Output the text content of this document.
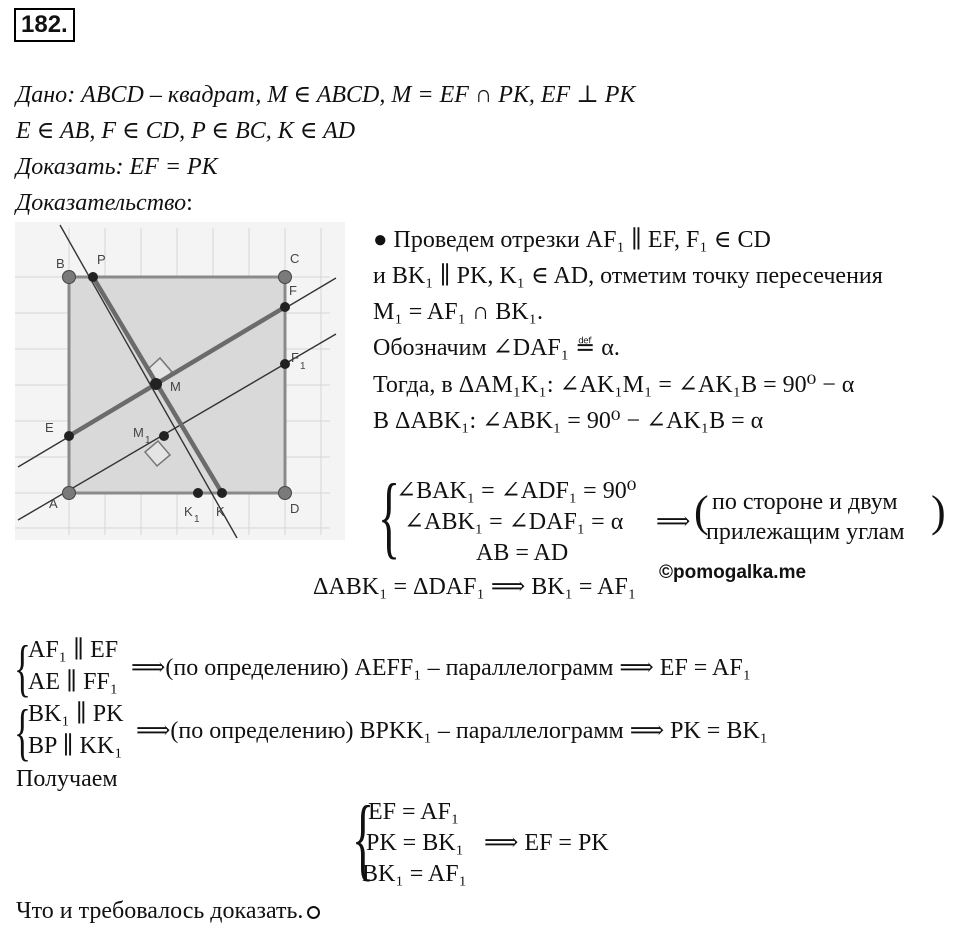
182.
Дано: ABCD – квадрат, M ∈ ABCD, M = EF ∩ PK, EF ⊥ PK
E ∈ AB, F ∈ CD, P ∈ BC, K ∈ AD
Доказать: EF = PK
Доказательство:
B P	C
F
F
1
M
E	M
1
A
K
1
K	D
● Проведем отрезки AF₁ ∥ EF, F₁ ∈ CD
и BK₁ ∥ PK, K₁ ∈ AD, отметим точку пересечения
M₁ = AF₁ ∩ BK₁.
Обозначим ∠DAF₁ ≝ α.
Тогда, в ΔAM₁K₁: ∠AK₁M₁ = ∠AK₁B = 90⁰ − α
В ΔABK₁: ∠ABK₁ = 90⁰ − ∠AK₁B = α
{
∠BAK₁ = ∠ADF₁ = 90⁰
∠ABK₁ = ∠DAF₁ = α
AB = AD
⟹ ( по стороне и двум
прилежащим углам )
©pomogalka.me
ΔABK₁ = ΔDAF₁ ⟹ BK₁ = AF₁
{
AF₁ ∥ EF
AE ∥ FF₁
⟹(по определению) AEFF₁ – параллелограмм ⟹ EF = AF₁
{
BK₁ ∥ PK
BP ∥ KK₁
⟹(по определению) BPKK₁ – параллелограмм ⟹ PK = BK₁
Получаем
{
EF = AF₁
PK = BK₁
BK₁ = AF₁
⟹ EF = PK
Что и требовалось доказать.
